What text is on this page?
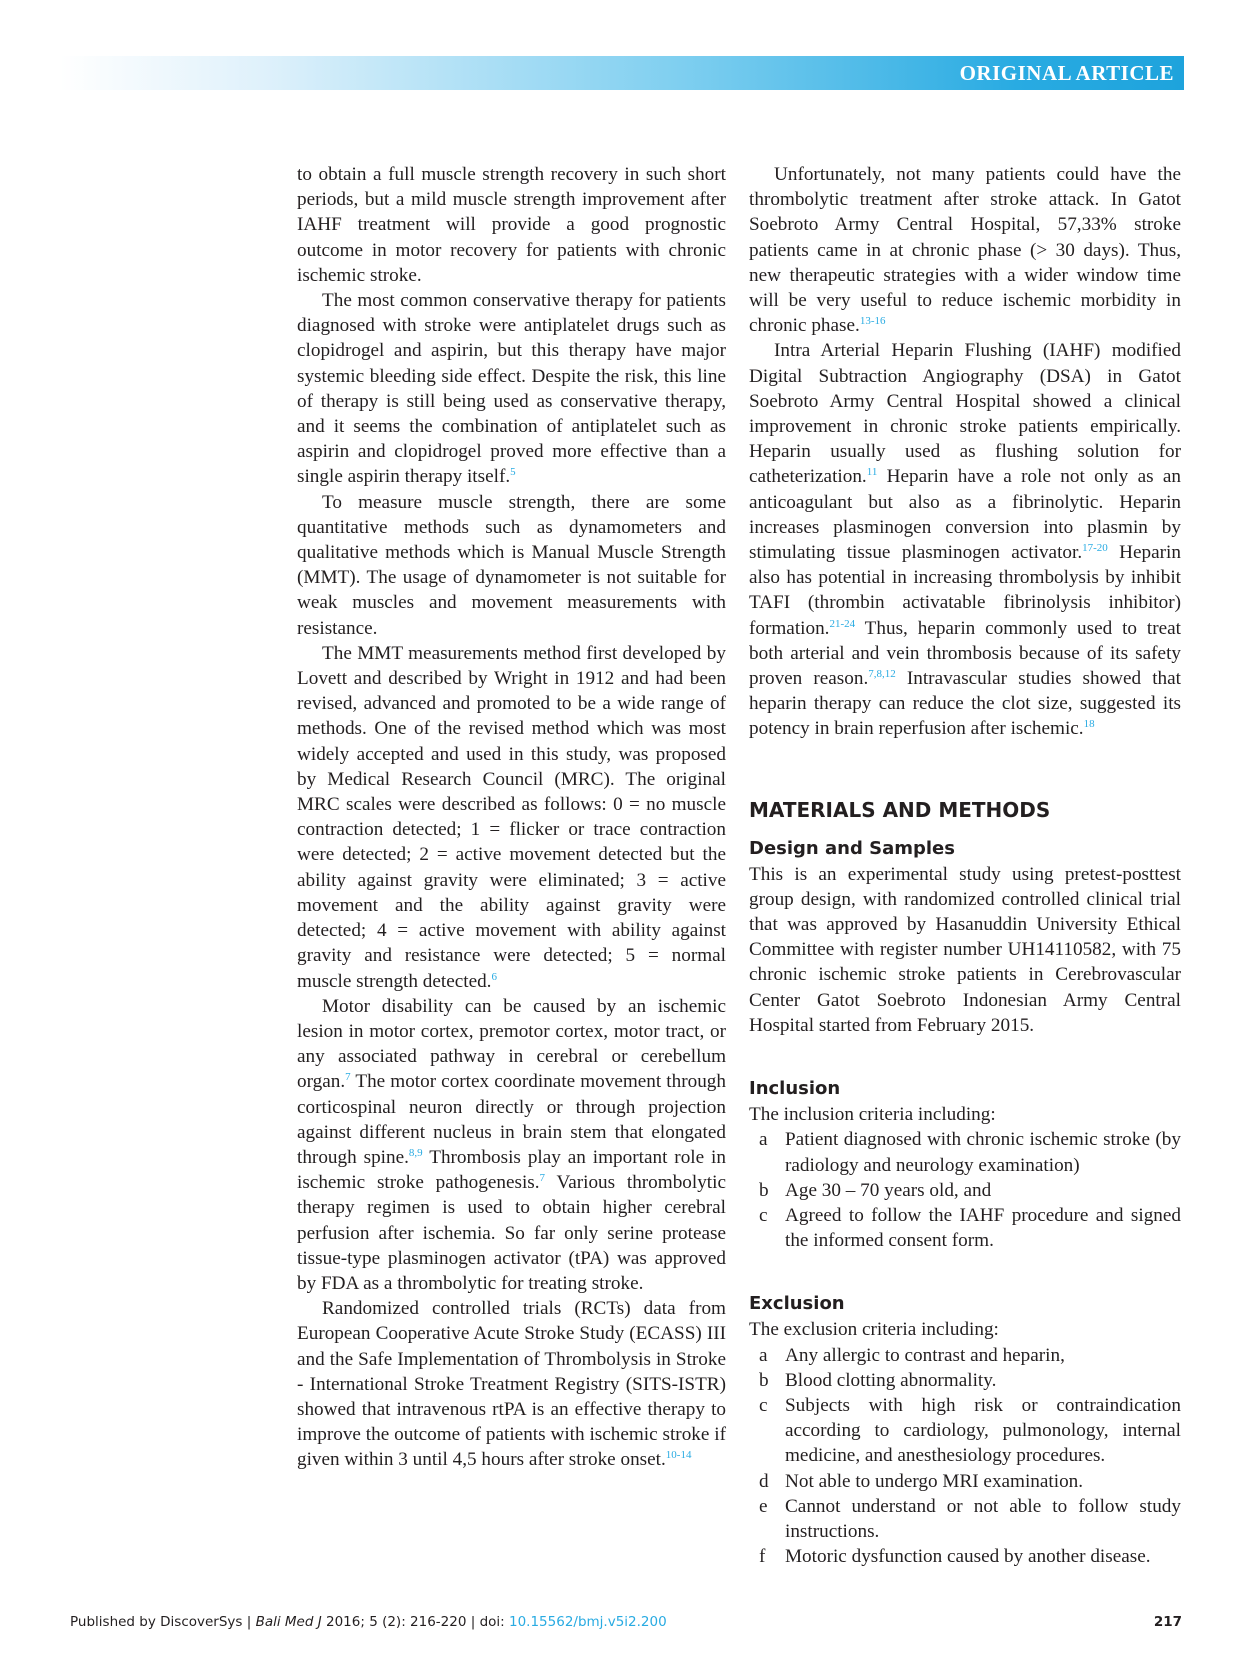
ORIGINAL ARTICLE

to obtain a full muscle strength recovery in such short periods, but a mild muscle strength improvement after IAHF treatment will provide a good prognostic outcome in motor recovery for patients with chronic ischemic stroke.

The most common conservative therapy for patients diagnosed with stroke were antiplatelet drugs such as clopidrogel and aspirin, but this therapy have major systemic bleeding side effect. Despite the risk, this line of therapy is still being used as conservative therapy, and it seems the combination of antiplatelet such as aspirin and clopidrogel proved more effective than a single aspirin therapy itself.$^5$

To measure muscle strength, there are some quantitative methods such as dynamometers and qualitative methods which is Manual Muscle Strength (MMT). The usage of dynamometer is not suitable for weak muscles and movement measurements with resistance.

The MMT measurements method first developed by Lovett and described by Wright in 1912 and had been revised, advanced and promoted to be a wide range of methods. One of the revised method which was most widely accepted and used in this study, was proposed by Medical Research Council (MRC). The original MRC scales were described as follows: 0 = no muscle contraction detected; 1 = flicker or trace contraction were detected; 2 = active movement detected but the ability against gravity were eliminated; 3 = active movement and the ability against gravity were detected; 4 = active movement with ability against gravity and resistance were detected; 5 = normal muscle strength detected.$^6$

Motor disability can be caused by an ischemic lesion in motor cortex, premotor cortex, motor tract, or any associated pathway in cerebral or cerebellum organ.$^7$ The motor cortex coordinate movement through corticospinal neuron directly or through projection against different nucleus in brain stem that elongated through spine.$^{8,9}$ Thrombosis play an important role in ischemic stroke pathogenesis.$^7$ Various thrombolytic therapy regimen is used to obtain higher cerebral perfusion after ischemia. So far only serine protease tissue-type plasminogen activator (tPA) was approved by FDA as a thrombolytic for treating stroke.

Randomized controlled trials (RCTs) data from European Cooperative Acute Stroke Study (ECASS) III and the Safe Implementation of Thrombolysis in Stroke - International Stroke Treatment Registry (SITS-ISTR) showed that intravenous rtPA is an effective therapy to improve the outcome of patients with ischemic stroke if given within 3 until 4,5 hours after stroke onset.$^{10-14}$

Unfortunately, not many patients could have the thrombolytic treatment after stroke attack. In Gatot Soebroto Army Central Hospital, 57,33% stroke patients came in at chronic phase (> 30 days). Thus, new therapeutic strategies with a wider window time will be very useful to reduce ischemic morbidity in chronic phase.$^{13-16}$

Intra Arterial Heparin Flushing (IAHF) modified Digital Subtraction Angiography (DSA) in Gatot Soebroto Army Central Hospital showed a clinical improvement in chronic stroke patients empirically. Heparin usually used as flushing solution for catheterization.$^{11}$ Heparin have a role not only as an anticoagulant but also as a fibrinolytic. Heparin increases plasminogen conversion into plasmin by stimulating tissue plasminogen activator.$^{17-20}$ Heparin also has potential in increasing thrombolysis by inhibit TAFI (thrombin activatable fibrinolysis inhibitor) formation.$^{21-24}$ Thus, heparin commonly used to treat both arterial and vein thrombosis because of its safety proven reason.$^{7,8,12}$ Intravascular studies showed that heparin therapy can reduce the clot size, suggested its potency in brain reperfusion after ischemic.$^{18}$

MATERIALS AND METHODS
Design and Samples

This is an experimental study using pretest-posttest group design, with randomized controlled clinical trial that was approved by Hasanuddin University Ethical Committee with register number UH14110582, with 75 chronic ischemic stroke patients in Cerebrovascular Center Gatot Soebroto Indonesian Army Central Hospital started from February 2015.

Inclusion

The inclusion criteria including:

a Patient diagnosed with chronic ischemic stroke (by radiology and neurology examination)
b Age 30 – 70 years old, and
c Agreed to follow the IAHF procedure and signed the informed consent form.
Exclusion

The exclusion criteria including:

a Any allergic to contrast and heparin,
b Blood clotting abnormality.
c Subjects with high risk or contraindication according to cardiology, pulmonology, internal medicine, and anesthesiology procedures.
d Not able to undergo MRI examination.
e Cannot understand or not able to follow study instructions.
f Motoric dysfunction caused by another disease.
Published by DiscoverSys | Bali Med J 2016; 5 (2): 216-220 | doi: 10.15562/bmj.v5i2.200	217
